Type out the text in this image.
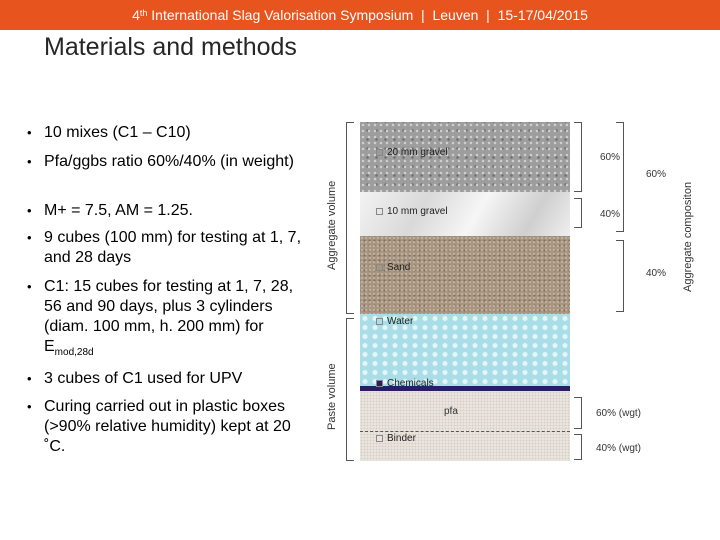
4th International Slag Valorisation Symposium  |  Leuven  |  15-17/04/2015
Materials and methods
• 10 mixes (C1 – C10)
• Pfa/ggbs ratio 60%/40% (in weight)
• M+ = 7.5, AM = 1.25.
• 9 cubes (100 mm) for testing at 1, 7, and 28 days
• C1: 15 cubes for testing at 1, 7, 28, 56 and 90 days, plus 3 cylinders (diam. 100 mm, h. 200 mm) for $E_{mod,28d}$
• 3 cubes of C1 used for UPV
• Curing carried out in plastic boxes (>90% relative humidity) kept at 20 ˚C.
20 mm gravel
10 mm gravel
Sand
Water
Chemicals
pfa
Binder
Aggregate volume
Paste volume
60%
40%
60%
40% Aggregate compositon
60% (wgt)
40% (wgt)
